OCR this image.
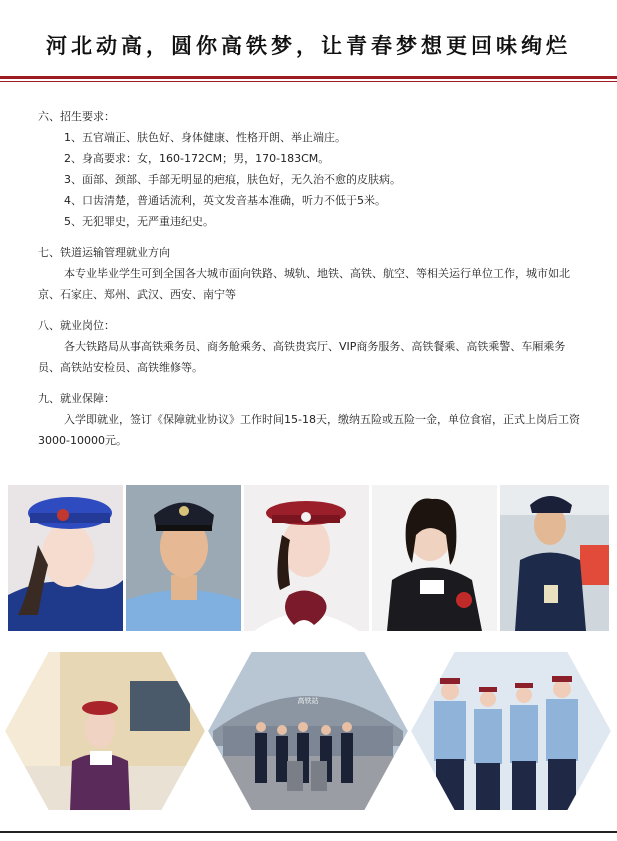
河北动高，圆你高铁梦，让青春梦想更回味绚烂

六、招生要求：

1、五官端正、肤色好、身体健康、性格开朗、举止端庄。

2、身高要求：女，160-172CM；男，170-183CM。

3、面部、颈部、手部无明显的疤痕，肤色好，无久治不愈的皮肤病。

4、口齿清楚，普通话流利，英文发音基本准确，听力不低于5米。

5、无犯罪史，无严重违纪史。

七、铁道运输管理就业方向

本专业毕业学生可到全国各大城市面向铁路、城轨、地铁、高铁、航空、等相关运行单位工作，城市如北京、石家庄、郑州、武汉、西安、南宁等

八、就业岗位：

各大铁路局从事高铁乘务员、商务舱乘务、高铁贵宾厅、VIP商务服务、高铁餐乘、高铁乘警、车厢乘务员、高铁站安检员、高铁维修等。

九、就业保障：

入学即就业，签订《保障就业协议》工作时间15-18天，缴纳五险或五险一金，单位食宿，正式上岗后工资3000-10000元。

高铁站
